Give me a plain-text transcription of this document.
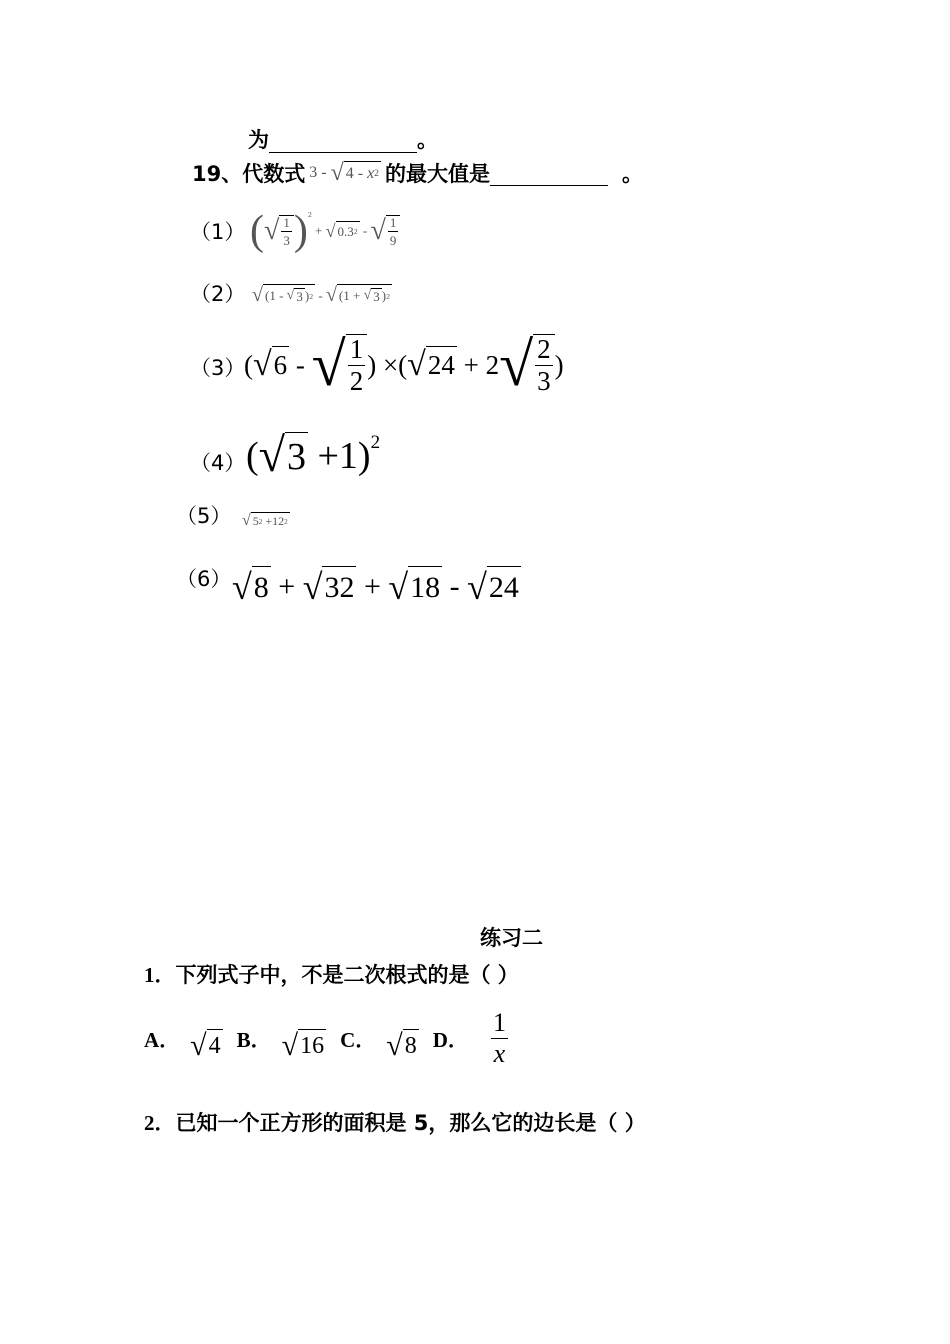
为	。
19、代数式 3 - √ 4 - x 2 的最大值是
	。
（1） ( √ $\frac{1}{3} )^2$
+ √ 0.3 2 - √ $\frac{1}{9}$
（2） √ (1 - √ 3 ) 2 - √ (1 + √ 3 ) 2
（3）
( √ 6 - √ $\frac{1}{2}$ ) ×( √ 24 + 2 √ $\frac{2}{3}$ )
（4） ( √ 3 +1)$^2$
（5） √ 5 2 +12 2
（6） √ 8 + √ 32 + √ 18 - √ 24
练习二
1．下列式子中，不是二次根式的是（ ）
A． √ 4 B． √ 16 C． √ 8 D． $\frac{1}{x}$
2．已知一个正方形的面积是 5，那么它的边长是（ ）
